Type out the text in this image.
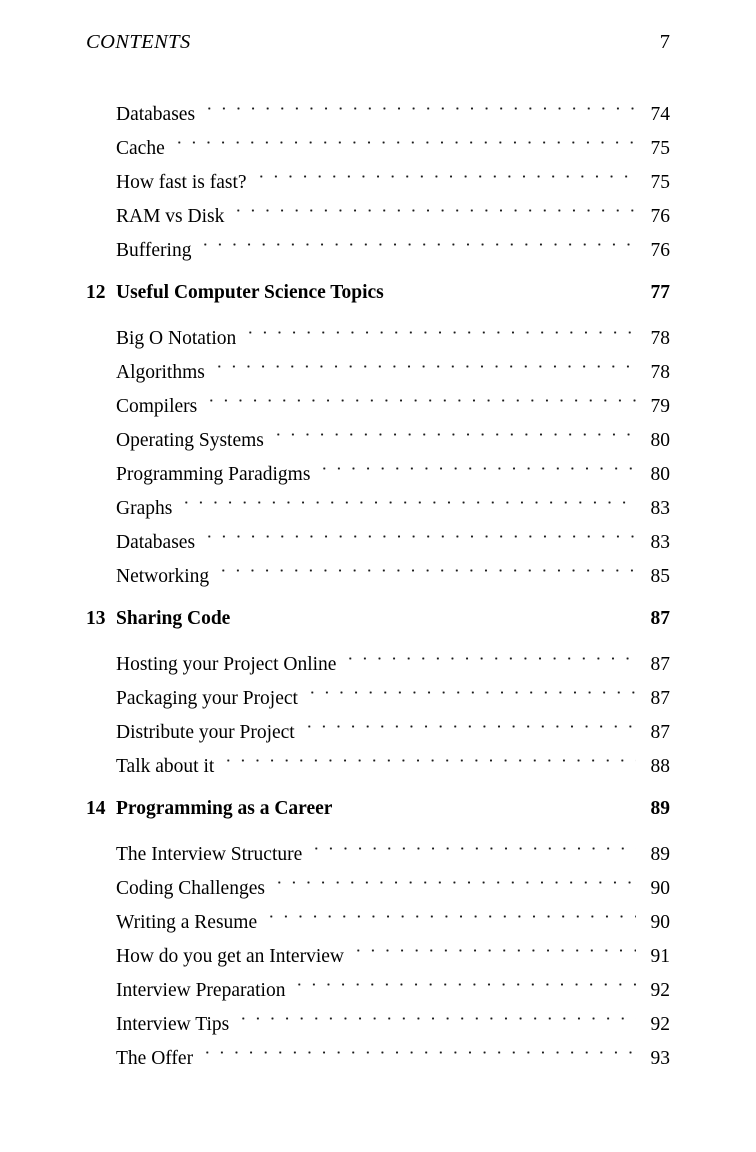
CONTENTS	7
Databases	74
Cache	75
How fast is fast?	75
RAM vs Disk	76
Buffering	76
12 Useful Computer Science Topics	77
Big O Notation	78
Algorithms	78
Compilers	79
Operating Systems	80
Programming Paradigms	80
Graphs	83
Databases	83
Networking	85
13 Sharing Code	87
Hosting your Project Online	87
Packaging your Project	87
Distribute your Project	87
Talk about it	88
14 Programming as a Career	89
The Interview Structure	89
Coding Challenges	90
Writing a Resume	90
How do you get an Interview	91
Interview Preparation	92
Interview Tips	92
The Offer	93
